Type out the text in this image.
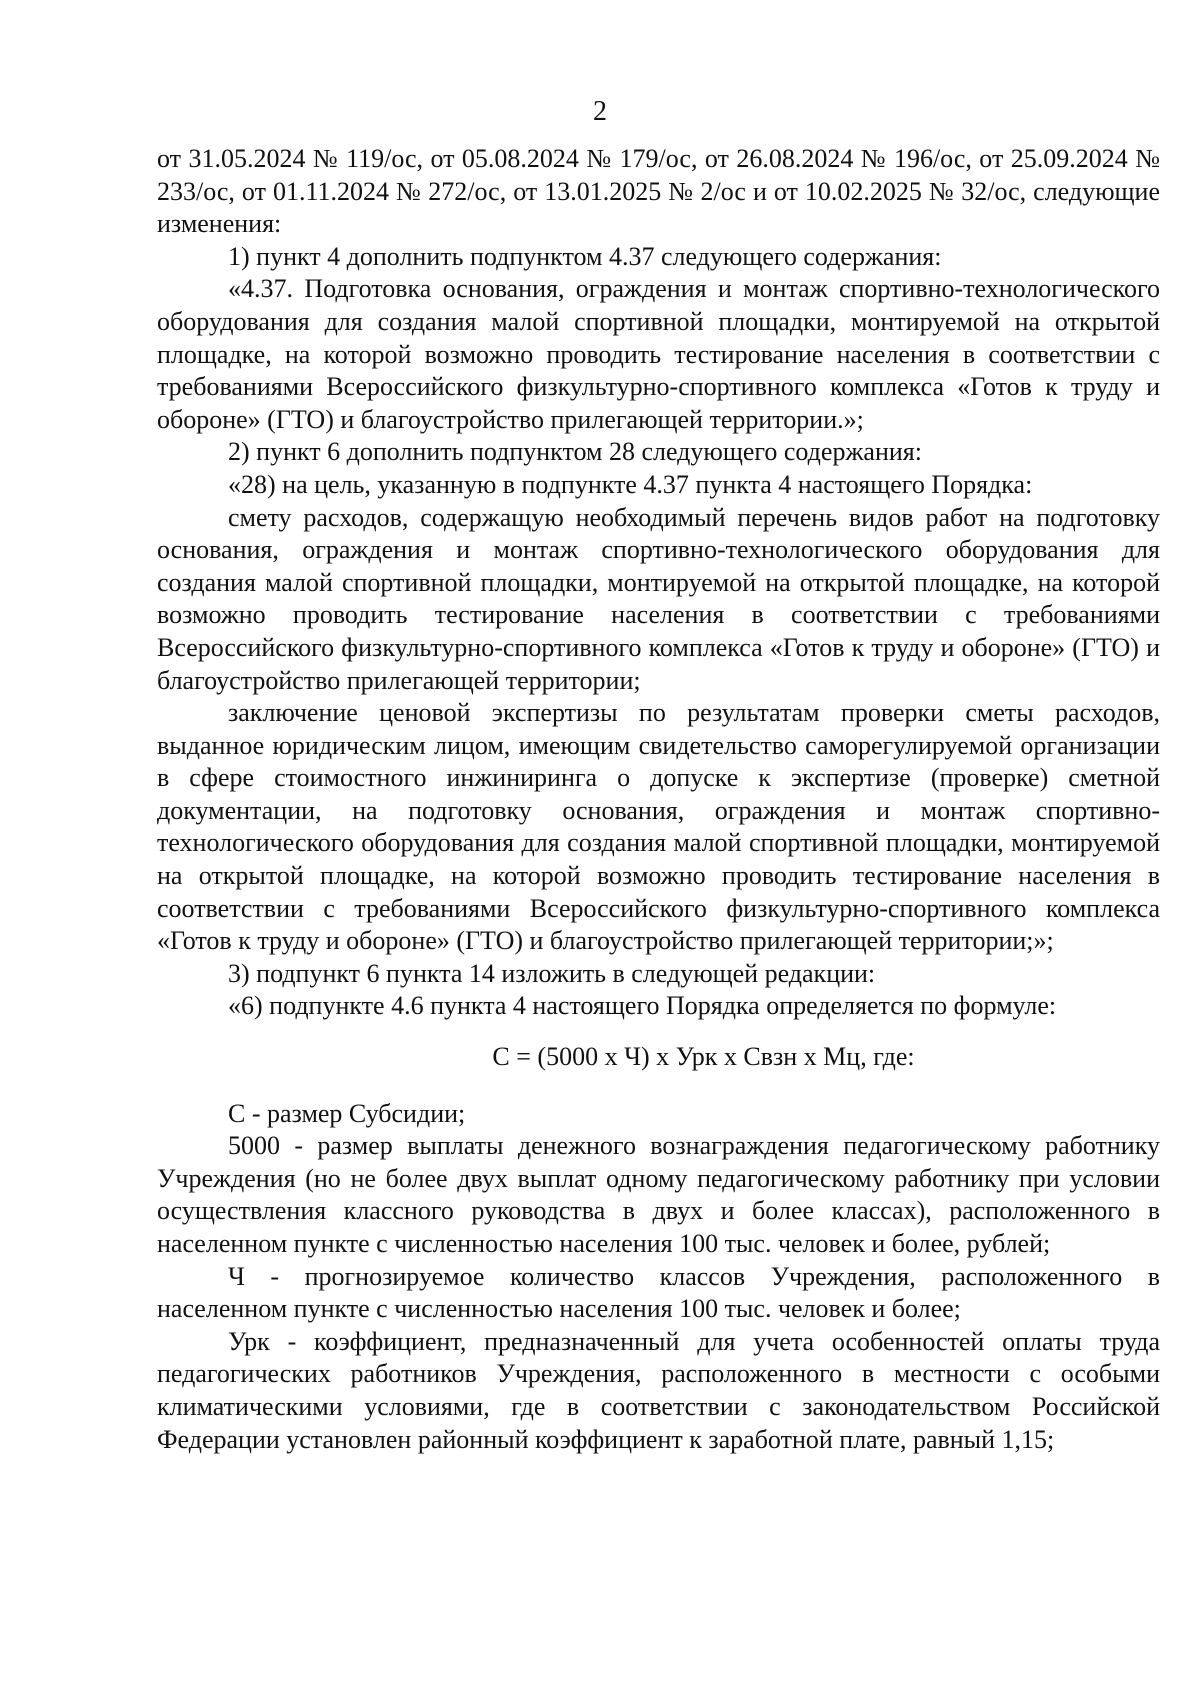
2

от 31.05.2024 № 119/ос, от 05.08.2024 № 179/ос, от 26.08.2024 № 196/ос, от 25.09.2024 № 233/ос, от 01.11.2024 № 272/ос, от 13.01.2025 № 2/ос и от 10.02.2025 № 32/ос, следующие изменения:

1) пункт 4 дополнить подпунктом 4.37 следующего содержания:

«4.37. Подготовка основания, ограждения и монтаж спортивно-технологического оборудования для создания малой спортивной площадки, монтируемой на открытой площадке, на которой возможно проводить тестирование населения в соответствии с требованиями Всероссийского физкультурно-спортивного комплекса «Готов к труду и обороне» (ГТО) и благоустройство прилегающей территории.»;

2) пункт 6 дополнить подпунктом 28 следующего содержания:

«28) на цель, указанную в подпункте 4.37 пункта 4 настоящего Порядка:

смету расходов, содержащую необходимый перечень видов работ на подготовку основания, ограждения и монтаж спортивно-технологического оборудования для создания малой спортивной площадки, монтируемой на открытой площадке, на которой возможно проводить тестирование населения в соответствии с требованиями Всероссийского физкультурно-спортивного комплекса «Готов к труду и обороне» (ГТО) и благоустройство прилегающей территории;

заключение ценовой экспертизы по результатам проверки сметы расходов, выданное юридическим лицом, имеющим свидетельство саморегулируемой организации в сфере стоимостного инжиниринга о допуске к экспертизе (проверке) сметной документации, на подготовку основания, ограждения и монтаж спортивно-технологического оборудования для создания малой спортивной площадки, монтируемой на открытой площадке, на которой возможно проводить тестирование населения в соответствии с требованиями Всероссийского физкультурно-спортивного комплекса «Готов к труду и обороне» (ГТО) и благоустройство прилегающей территории;»;

3) подпункт 6 пункта 14 изложить в следующей редакции:

«6) подпункте 4.6 пункта 4 настоящего Порядка определяется по формуле:

С = (5000 х Ч) х Урк х Свзн х Мц, где:

С - размер Субсидии;

5000 - размер выплаты денежного вознаграждения педагогическому работнику Учреждения (но не более двух выплат одному педагогическому работнику при условии осуществления классного руководства в двух и более классах), расположенного в населенном пункте с численностью населения 100 тыс. человек и более, рублей;

Ч - прогнозируемое количество классов Учреждения, расположенного в населенном пункте с численностью населения 100 тыс. человек и более;

Урк - коэффициент, предназначенный для учета особенностей оплаты труда педагогических работников Учреждения, расположенного в местности с особыми климатическими условиями, где в соответствии с законодательством Российской Федерации установлен районный коэффициент к заработной плате, равный 1,15;
